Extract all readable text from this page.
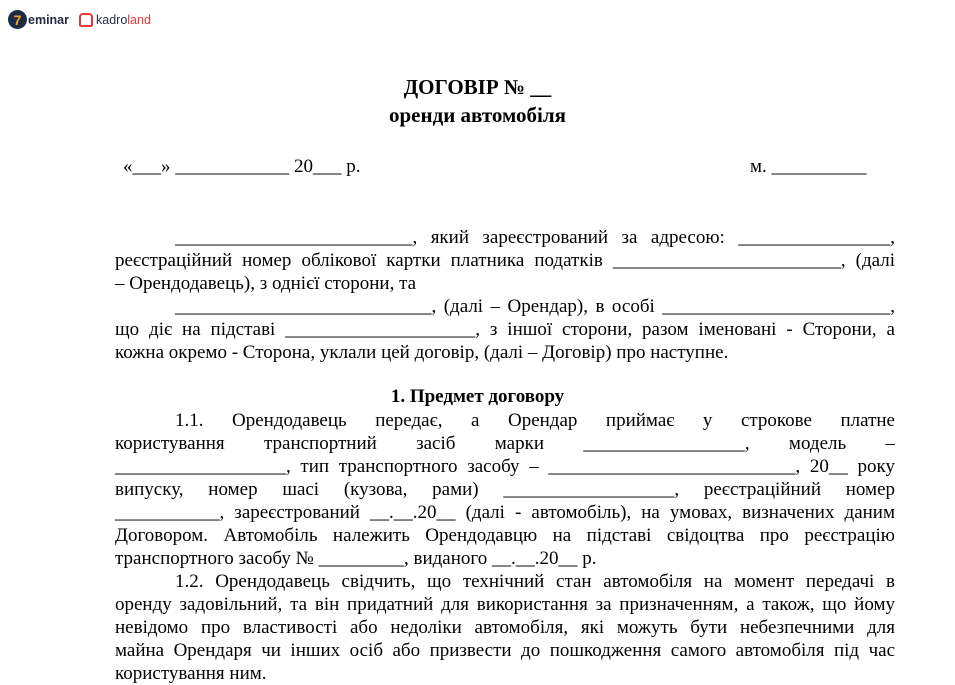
7 eminar kadro land
ДОГОВІР № __
оренди автомобіля
«___» ____________ 20___ р.	м. __________
_________________________, який зареєстрований за адресою: ________________,
реєстраційний номер облікової картки платника податків ________________________, (далі
– Орендодавець), з однієї сторони, та
___________________________, (далі – Орендар), в особі ________________________,
що діє на підставі ____________________, з іншої сторони, разом іменовані - Сторони, а
кожна окремо - Сторона, уклали цей договір, (далі – Договір) про наступне.
1. Предмет договору
1.1. Орендодавець передає, а Орендар приймає у строкове платне
користування транспортний засіб марки _________________, модель –
__________________, тип транспортного засобу – __________________________, 20__ року
випуску, номер шасі (кузова, рами) __________________, реєстраційний номер
___________, зареєстрований __.__.20__ (далі - автомобіль), на умовах, визначених даним
Договором. Автомобіль належить Орендодавцю на підставі свідоцтва про реєстрацію
транспортного засобу № _________, виданого __.__.20__ р.
1.2. Орендодавець свідчить, що технічний стан автомобіля на момент передачі в
оренду задовільний, та він придатний для використання за призначенням, а також, що йому
невідомо про властивості або недоліки автомобіля, які можуть бути небезпечними для
майна Орендаря чи інших осіб або призвести до пошкодження самого автомобіля під час
користування ним.
